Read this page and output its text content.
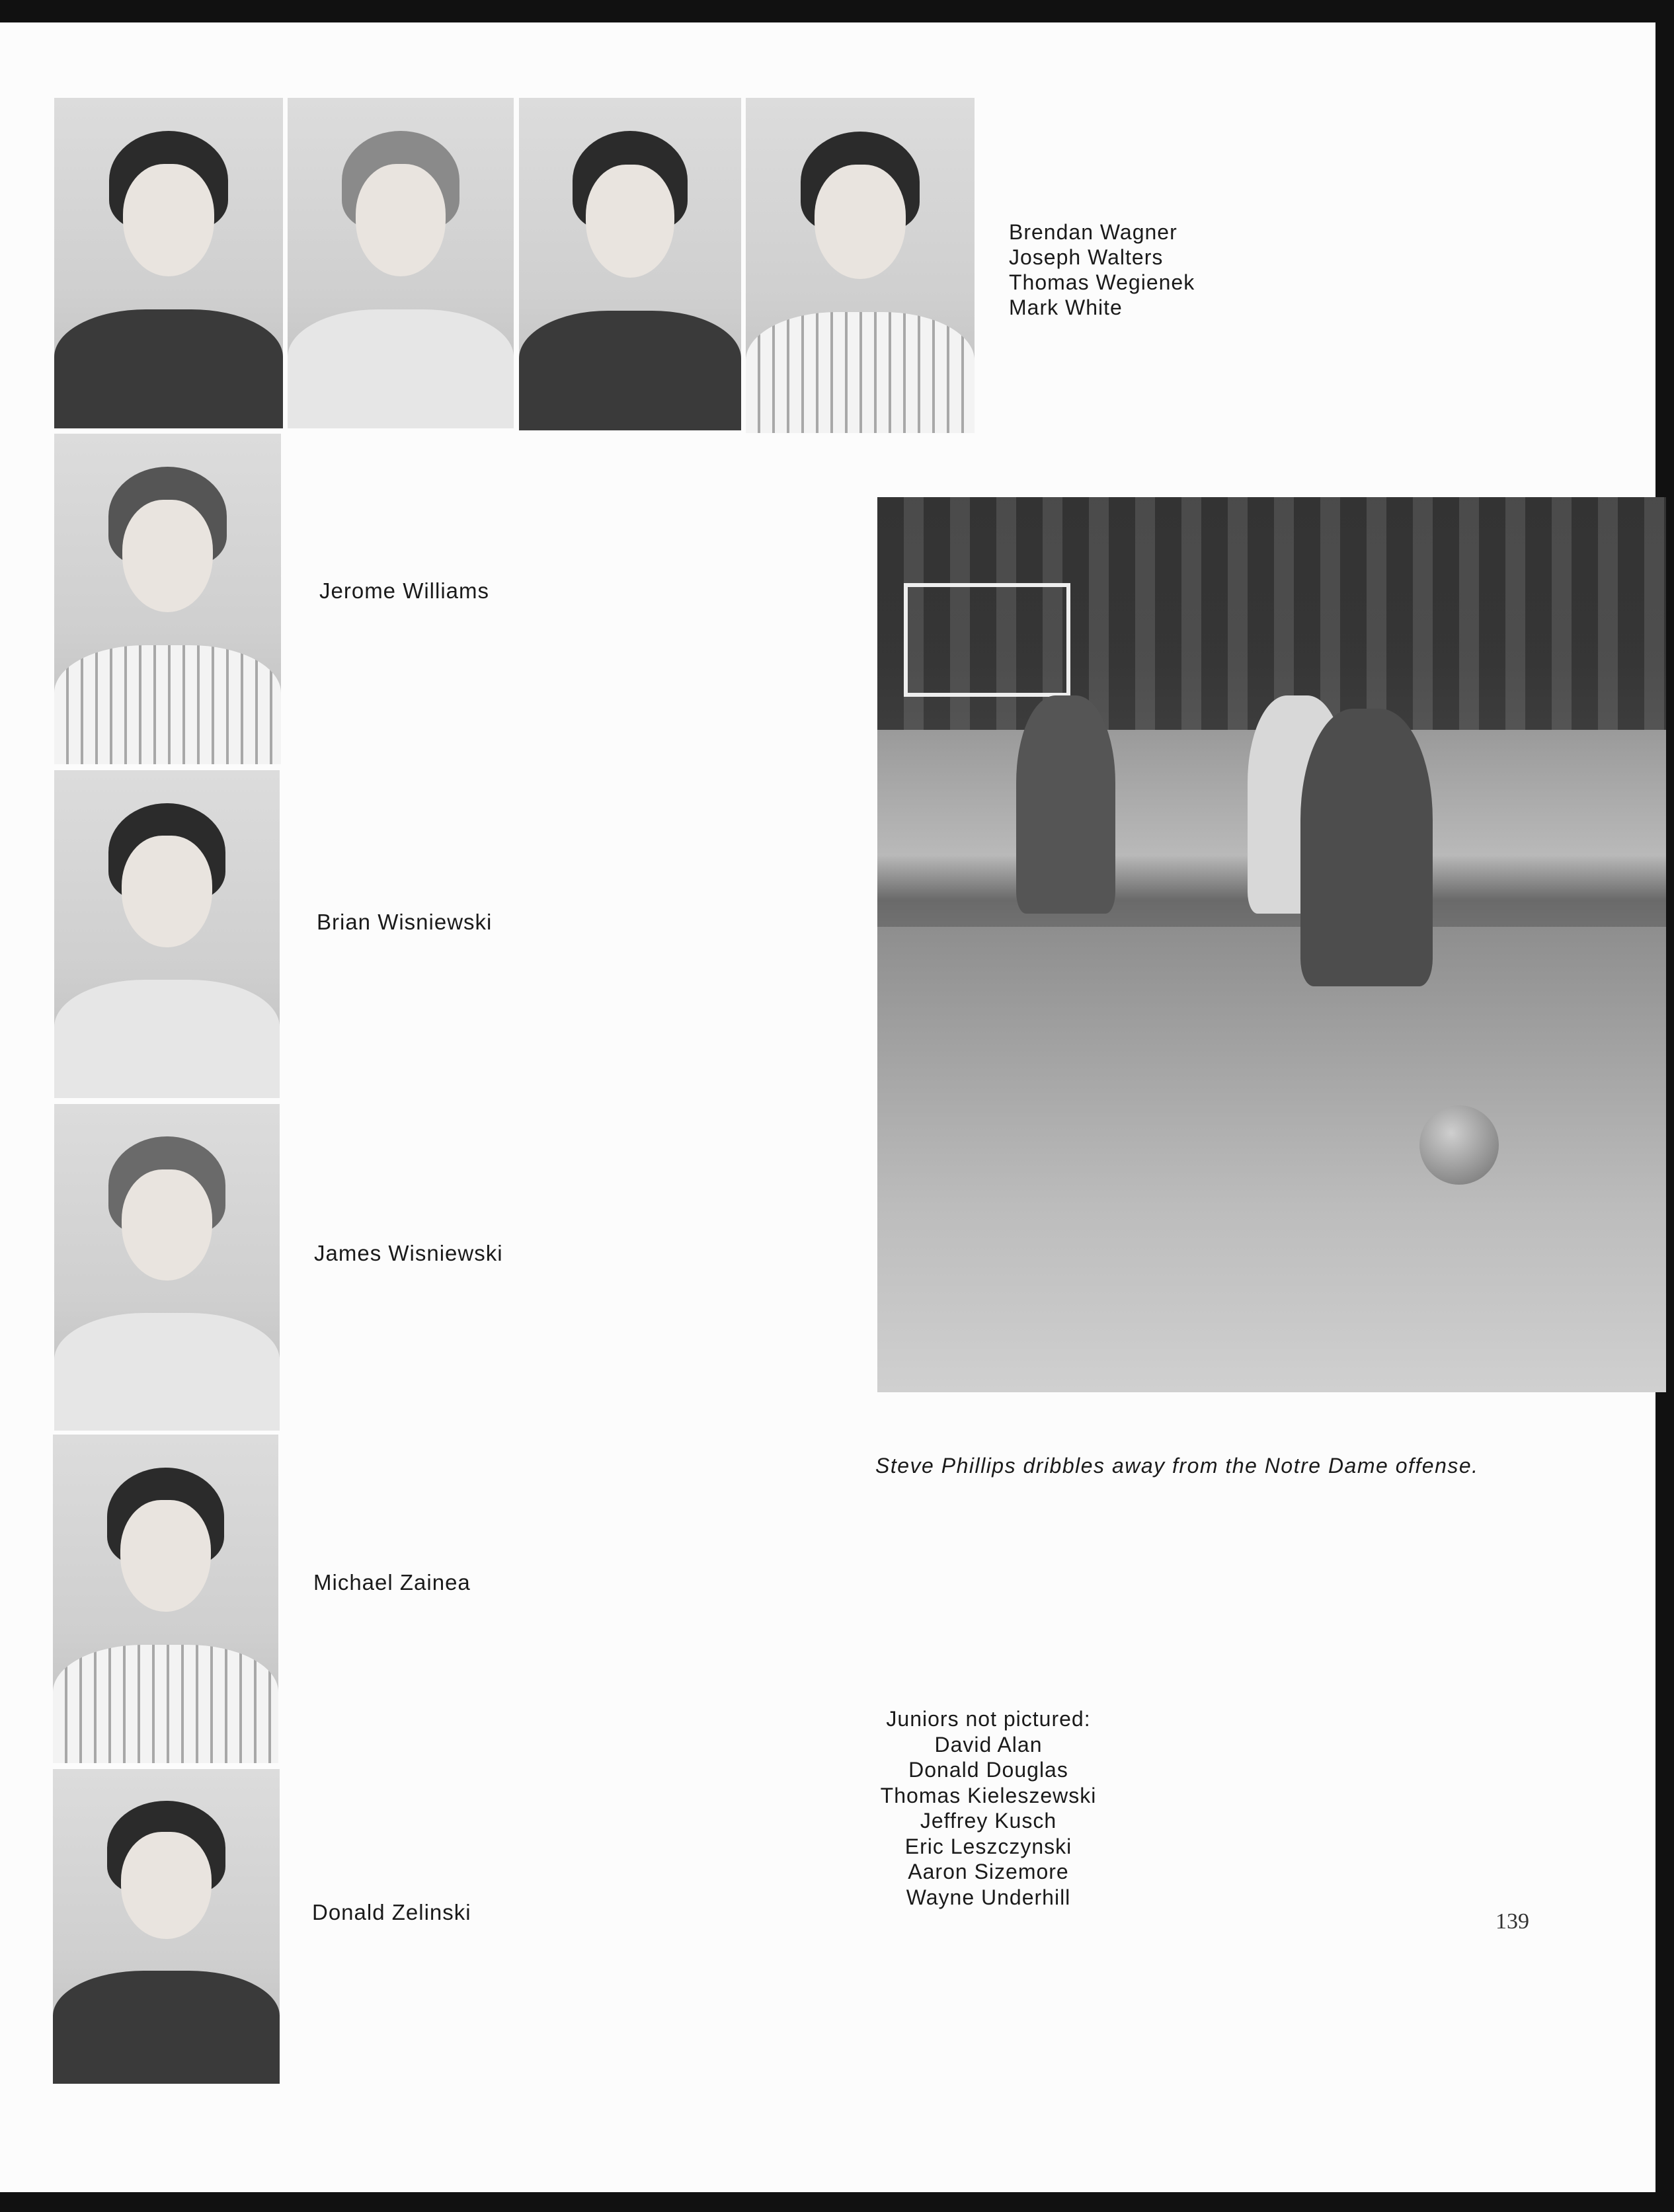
Brendan Wagner
Joseph Walters
Thomas Wegienek
Mark White
Jerome Williams
Brian Wisniewski
James Wisniewski
Michael Zainea
Donald Zelinski
Steve Phillips dribbles away from the Notre Dame offense.
Juniors not pictured:
David Alan
Donald Douglas
Thomas Kieleszewski
Jeffrey Kusch
Eric Leszczynski
Aaron Sizemore
Wayne Underhill
139
